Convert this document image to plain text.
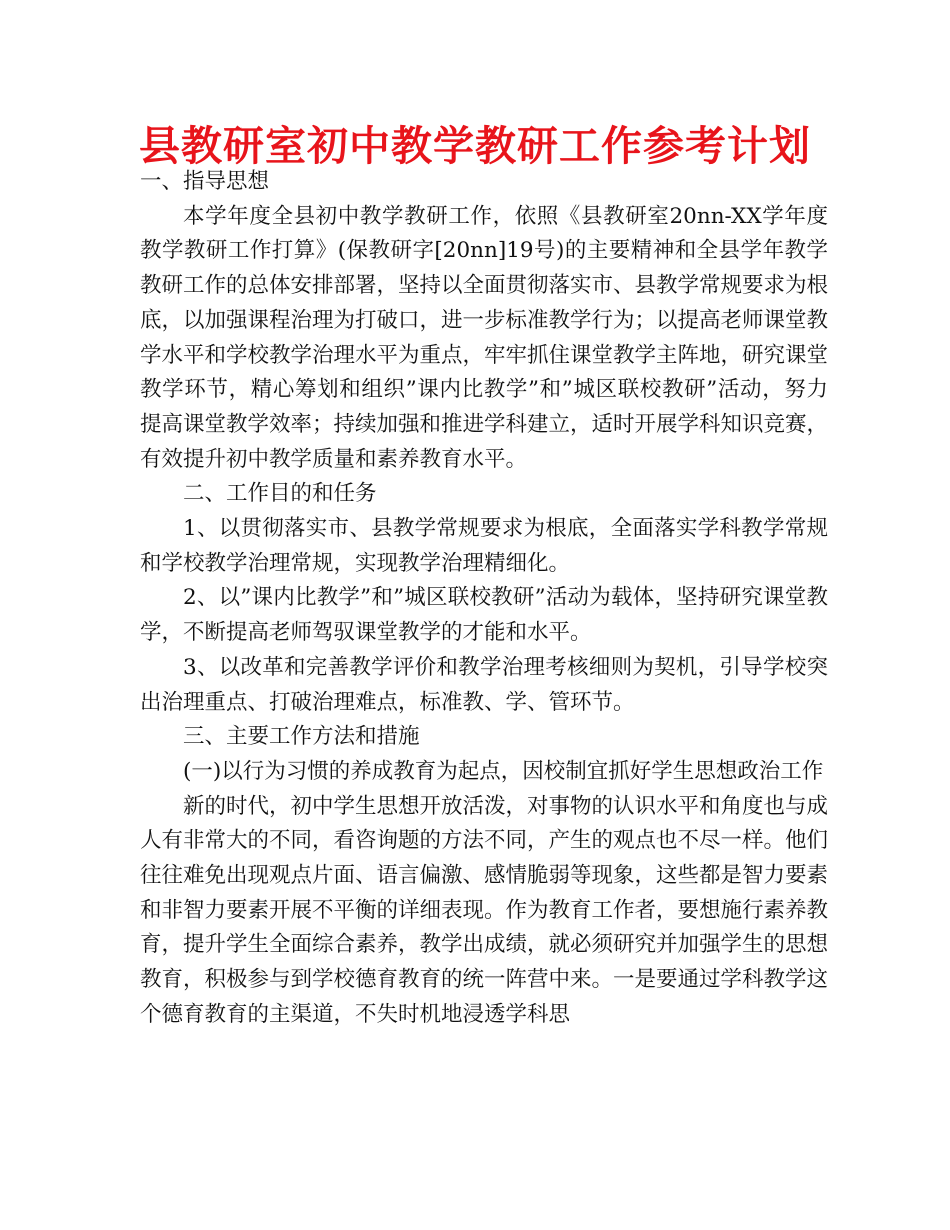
县教研室初中教学教研工作参考计划

一、指导思想

本学年度全县初中教学教研工作，依照《县教研室20nn-XX学年度教学教研工作打算》(保教研字[20nn]19号)的主要精神和全县学年教学教研工作的总体安排部署，坚持以全面贯彻落实市、县教学常规要求为根底，以加强课程治理为打破口，进一步标准教学行为；以提高老师课堂教学水平和学校教学治理水平为重点，牢牢抓住课堂教学主阵地，研究课堂教学环节，精心筹划和组织”课内比教学”和”城区联校教研”活动，努力提高课堂教学效率；持续加强和推进学科建立，适时开展学科知识竞赛，有效提升初中教学质量和素养教育水平。

二、工作目的和任务

1、以贯彻落实市、县教学常规要求为根底，全面落实学科教学常规和学校教学治理常规，实现教学治理精细化。

2、以”课内比教学”和”城区联校教研”活动为载体，坚持研究课堂教学，不断提高老师驾驭课堂教学的才能和水平。

3、以改革和完善教学评价和教学治理考核细则为契机，引导学校突出治理重点、打破治理难点，标准教、学、管环节。

三、主要工作方法和措施

(一)以行为习惯的养成教育为起点，因校制宜抓好学生思想政治工作

新的时代，初中学生思想开放活泼，对事物的认识水平和角度也与成人有非常大的不同，看咨询题的方法不同，产生的观点也不尽一样。他们往往难免出现观点片面、语言偏激、感情脆弱等现象，这些都是智力要素和非智力要素开展不平衡的详细表现。作为教育工作者，要想施行素养教育，提升学生全面综合素养，教学出成绩，就必须研究并加强学生的思想教育，积极参与到学校德育教育的统一阵营中来。一是要通过学科教学这个德育教育的主渠道，不失时机地浸透学科思
